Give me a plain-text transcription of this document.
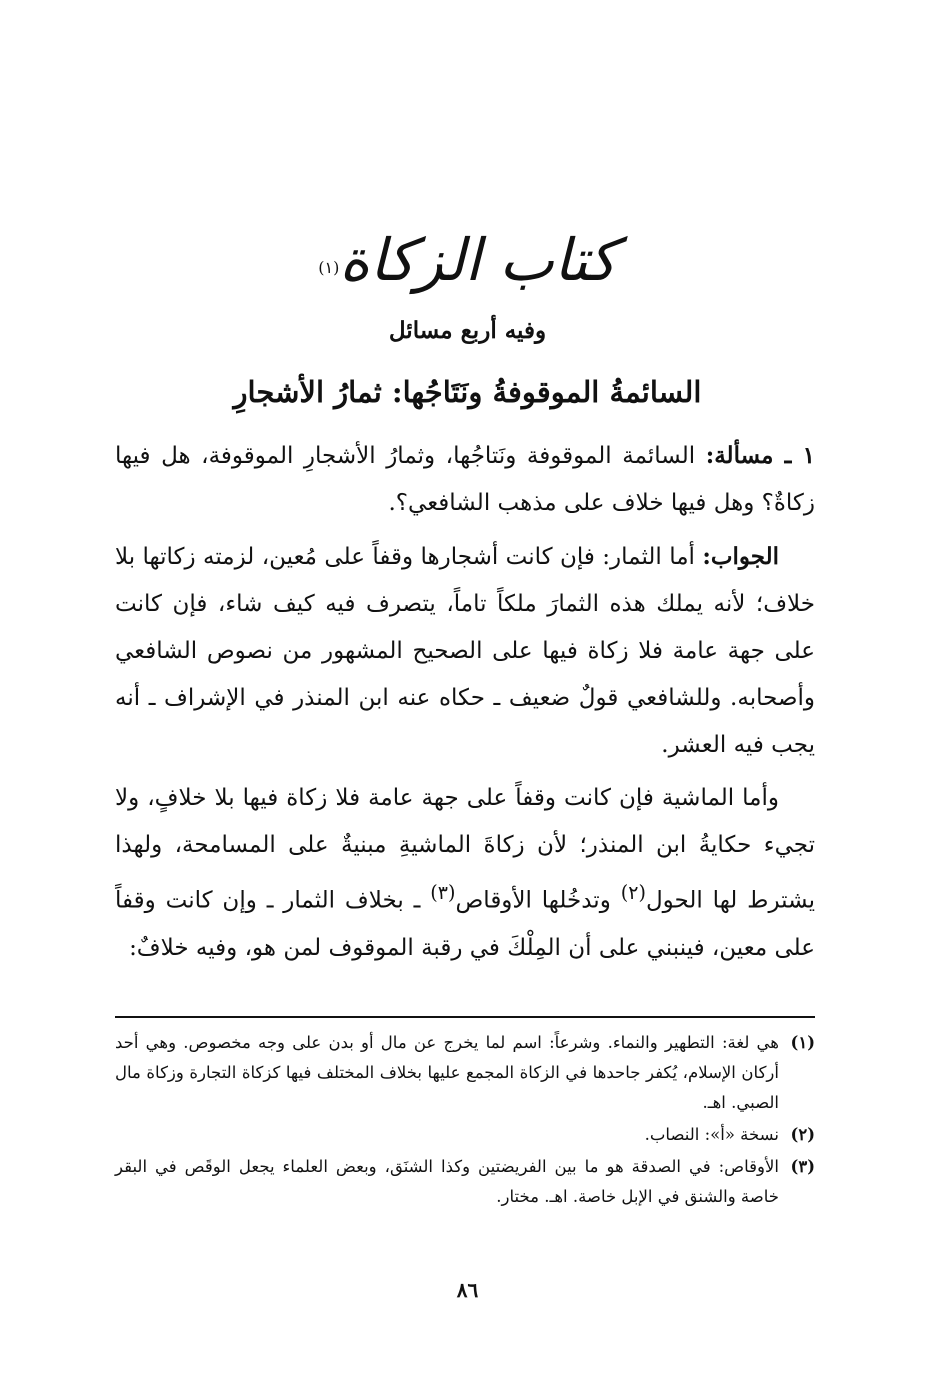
كتاب الزكاة$^{(١)}$
وفيه أربع مسائل
السائمةُ الموقوفةُ ونَتَاجُها: ثمارُ الأشجارِ

١ ـ مسألة: السائمة الموقوفة ونَتاجُها، وثمارُ الأشجارِ الموقوفة، هل فيها زكاةٌ؟ وهل فيها خلاف على مذهب الشافعي؟.

الجواب: أما الثمار: فإن كانت أشجارها وقفاً على مُعين، لزمته زكاتها بلا خلاف؛ لأنه يملك هذه الثمارَ ملكاً تاماً، يتصرف فيه كيف شاء، فإن كانت على جهة عامة فلا زكاة فيها على الصحيح المشهور من نصوص الشافعي وأصحابه. وللشافعي قولٌ ضعيف ـ حكاه عنه ابن المنذر في الإشراف ـ أنه يجب فيه العشر.

وأما الماشية فإن كانت وقفاً على جهة عامة فلا زكاة فيها بلا خلافٍ، ولا تجيء حكايةُ ابن المنذر؛ لأن زكاةَ الماشيةِ مبنيةٌ على المسامحة، ولهذا يشترط لها الحول$^{(٢)}$ وتدخُلها الأوقاص$^{(٣)}$ ـ بخلاف الثمار ـ وإن كانت وقفاً على معين، فينبني على أن المِلْكَ في رقبة الموقوف لمن هو، وفيه خلافٌ:

(١)
هي لغة: التطهير والنماء. وشرعاً: اسم لما يخرج عن مال أو بدن على وجه مخصوص. وهي أحد أركان الإسلام، يُكفر جاحدها في الزكاة المجمع عليها بخلاف المختلف فيها كزكاة التجارة وزكاة مال الصبي. اهـ.
(٢)
نسخة «أ»: النصاب.
(٣)
الأوقاص: في الصدقة هو ما بين الفريضتين وكذا الشنَق، وبعض العلماء يجعل الوقَص في البقر خاصة والشنق في الإبل خاصة. اهـ. مختار.
٨٦
